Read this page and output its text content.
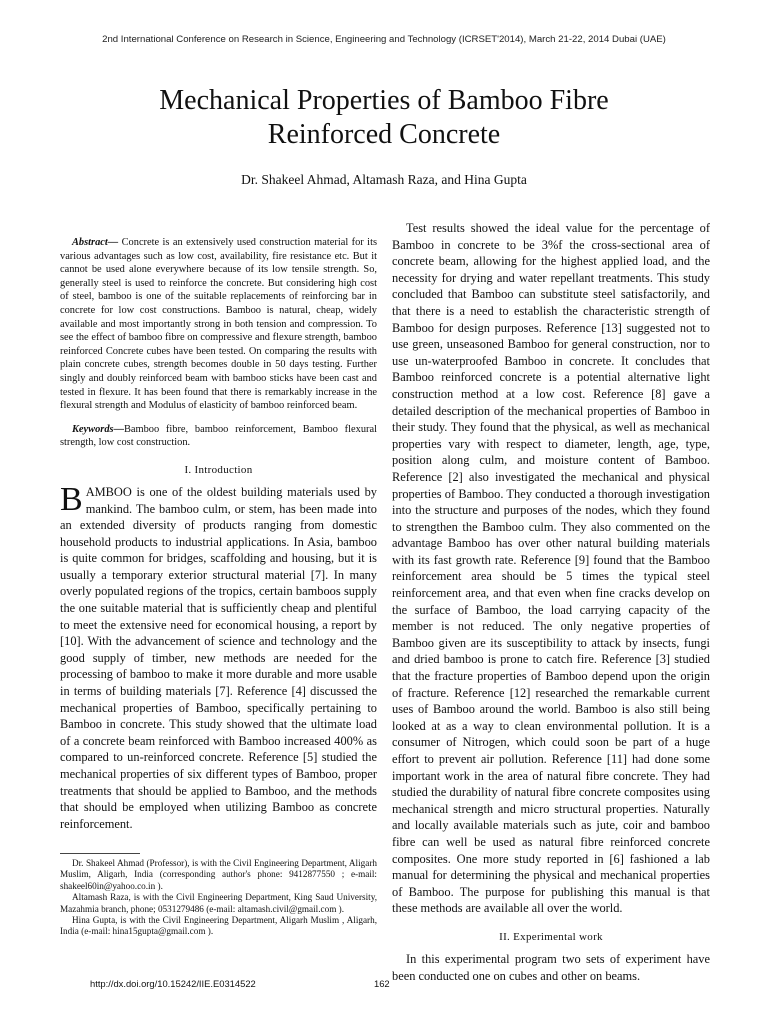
2nd International Conference on Research in Science, Engineering and Technology (ICRSET'2014), March 21-22, 2014 Dubai (UAE)
Mechanical Properties of Bamboo Fibre
Reinforced Concrete
Dr. Shakeel Ahmad, Altamash Raza, and Hina Gupta

Abstract— Concrete is an extensively used construction material for its various advantages such as low cost, availability, fire resistance etc. But it cannot be used alone everywhere because of its low tensile strength. So, generally steel is used to reinforce the concrete. But considering high cost of steel, bamboo is one of the suitable replacements of reinforcing bar in concrete for low cost constructions. Bamboo is natural, cheap, widely available and most importantly strong in both tension and compression. To see the effect of bamboo fibre on compressive and flexure strength, bamboo reinforced Concrete cubes have been tested. On comparing the results with plain concrete cubes, strength becomes double in 50 days testing. Further singly and doubly reinforced beam with bamboo sticks have been cast and tested in flexure. It has been found that there is remarkably increase in the flexural strength and Modulus of elasticity of bamboo reinforced beam.

Keywords—Bamboo fibre, bamboo reinforcement, Bamboo flexural strength, low cost construction.

I. Introduction

BAMBOO is one of the oldest building materials used by mankind. The bamboo culm, or stem, has been made into an extended diversity of products ranging from domestic household products to industrial applications. In Asia, bamboo is quite common for bridges, scaffolding and housing, but it is usually a temporary exterior structural material [7]. In many overly populated regions of the tropics, certain bamboos supply the one suitable material that is sufficiently cheap and plentiful to meet the extensive need for economical housing, a report by [10]. With the advancement of science and technology and the good supply of timber, new methods are needed for the processing of bamboo to make it more durable and more usable in terms of building materials [7]. Reference [4] discussed the mechanical properties of Bamboo, specifically pertaining to Bamboo in concrete. This study showed that the ultimate load of a concrete beam reinforced with Bamboo increased 400% as compared to un-reinforced concrete. Reference [5] studied the mechanical properties of six different types of Bamboo, proper treatments that should be applied to Bamboo, and the methods that should be employed when utilizing Bamboo as concrete reinforcement.

Dr. Shakeel Ahmad (Professor), is with the Civil Engineering Department, Aligarh Muslim, Aligarh, India (corresponding author's phone: 9412877550 ; e-mail: shakeel60in@yahoo.co.in ).

Altamash Raza, is with the Civil Engineering Department, King Saud University, Mazahmia branch, phone; 0531279486 (e-mail: altamash.civil@gmail.com ).

Hina Gupta, is with the Civil Engineering Department, Aligarh Muslim , Aligarh, India (e-mail: hina15gupta@gmail.com ).

Test results showed the ideal value for the percentage of Bamboo in concrete to be 3%f the cross-sectional area of concrete beam, allowing for the highest applied load, and the necessity for drying and water repellant treatments. This study concluded that Bamboo can substitute steel satisfactorily, and that there is a need to establish the characteristic strength of Bamboo for design purposes. Reference [13] suggested not to use green, unseasoned Bamboo for general construction, nor to use un-waterproofed Bamboo in concrete. It concludes that Bamboo reinforced concrete is a potential alternative light construction method at a low cost. Reference [8] gave a detailed description of the mechanical properties of Bamboo in their study. They found that the physical, as well as mechanical properties vary with respect to diameter, length, age, type, position along culm, and moisture content of Bamboo. Reference [2] also investigated the mechanical and physical properties of Bamboo. They conducted a thorough investigation into the structure and purposes of the nodes, which they found to strengthen the Bamboo culm. They also commented on the advantage Bamboo has over other natural building materials with its fast growth rate. Reference [9] found that the Bamboo reinforcement area should be 5 times the typical steel reinforcement area, and that even when fine cracks develop on the surface of Bamboo, the load carrying capacity of the member is not reduced. The only negative properties of Bamboo given are its susceptibility to attack by insects, fungi and dried bamboo is prone to catch fire. Reference [3] studied that the fracture properties of Bamboo depend upon the origin of fracture. Reference [12] researched the remarkable current uses of Bamboo around the world. Bamboo is also still being looked at as a way to clean environmental pollution. It is a consumer of Nitrogen, which could soon be part of a huge effort to prevent air pollution. Reference [11] had done some important work in the area of natural fibre concrete. They had studied the durability of natural fibre concrete composites using mechanical strength and micro structural properties. Naturally and locally available materials such as jute, coir and bamboo fibre can well be used as natural fibre reinforced concrete composites. One more study reported in [6] fashioned a lab manual for determining the physical and mechanical properties of Bamboo. The purpose for publishing this manual is that these methods are available all over the world.

II. Experimental work

In this experimental program two sets of experiment have been conducted one on cubes and other on beams.

http://dx.doi.org/10.15242/IIE.E0314522	162
